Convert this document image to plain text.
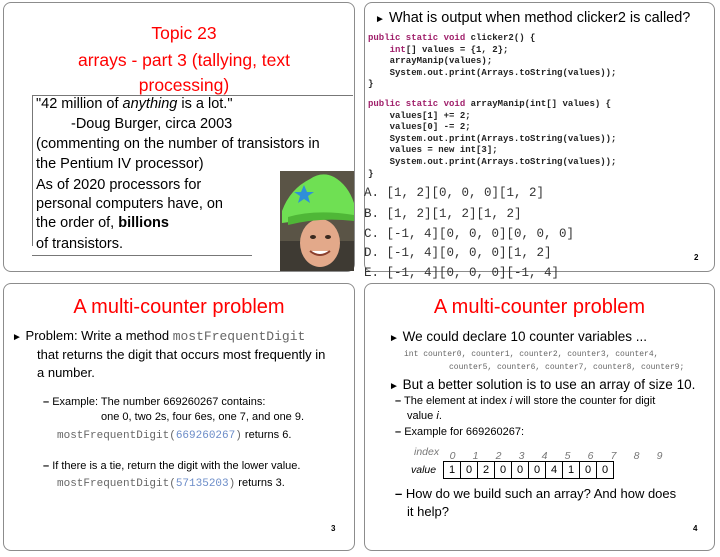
Topic 23
arrays - part 3 (tallying, text
processing)
"42 million of anything is a lot."
-Doug Burger, circa 2003
(commenting on the number of transistors in
the Pentium IV processor)
As of 2020 processors for
personal computers have, on
the order of, billions
of transistors.
► What is output when method clicker2 is called?
public static void clicker2() {
int[] values = {1, 2};
arrayManip(values);
System.out.print(Arrays.toString(values));
}
public static void arrayManip(int[] values) {
values[1] += 2;
values[0] -= 2;
System.out.print(Arrays.toString(values));
values = new int[3];
System.out.print(Arrays.toString(values));
}
A. [1, 2][0, 0, 0][1, 2]
B. [1, 2][1, 2][1, 2]
C. [-1, 4][0, 0, 0][0, 0, 0]
D. [-1, 4][0, 0, 0][1, 2]
E. [-1, 4][0, 0, 0][-1, 4]
2
A multi-counter problem
► Problem: Write a method mostFrequentDigit
that returns the digit that occurs most frequently in
a number.
– Example: The number 669260267 contains:
one 0, two 2s, four 6es, one 7, and one 9.
mostFrequentDigit(669260267) returns 6.
– If there is a tie, return the digit with the lower value.
mostFrequentDigit(57135203) returns 3.
3
A multi-counter problem
► We could declare 10 counter variables ...
int counter0, counter1, counter2, counter3, counter4,
counter5, counter6, counter7, counter8, counter9;
► But a better solution is to use an array of size 10.
– The element at index i will store the counter for digit
value i.
– Example for 669260267:
index 0 1 2 3 4 5 6 7 8 9
value 1	0	2	0	0	0	4	1	0	0
– How do we build such an array? And how does
it help?
4
